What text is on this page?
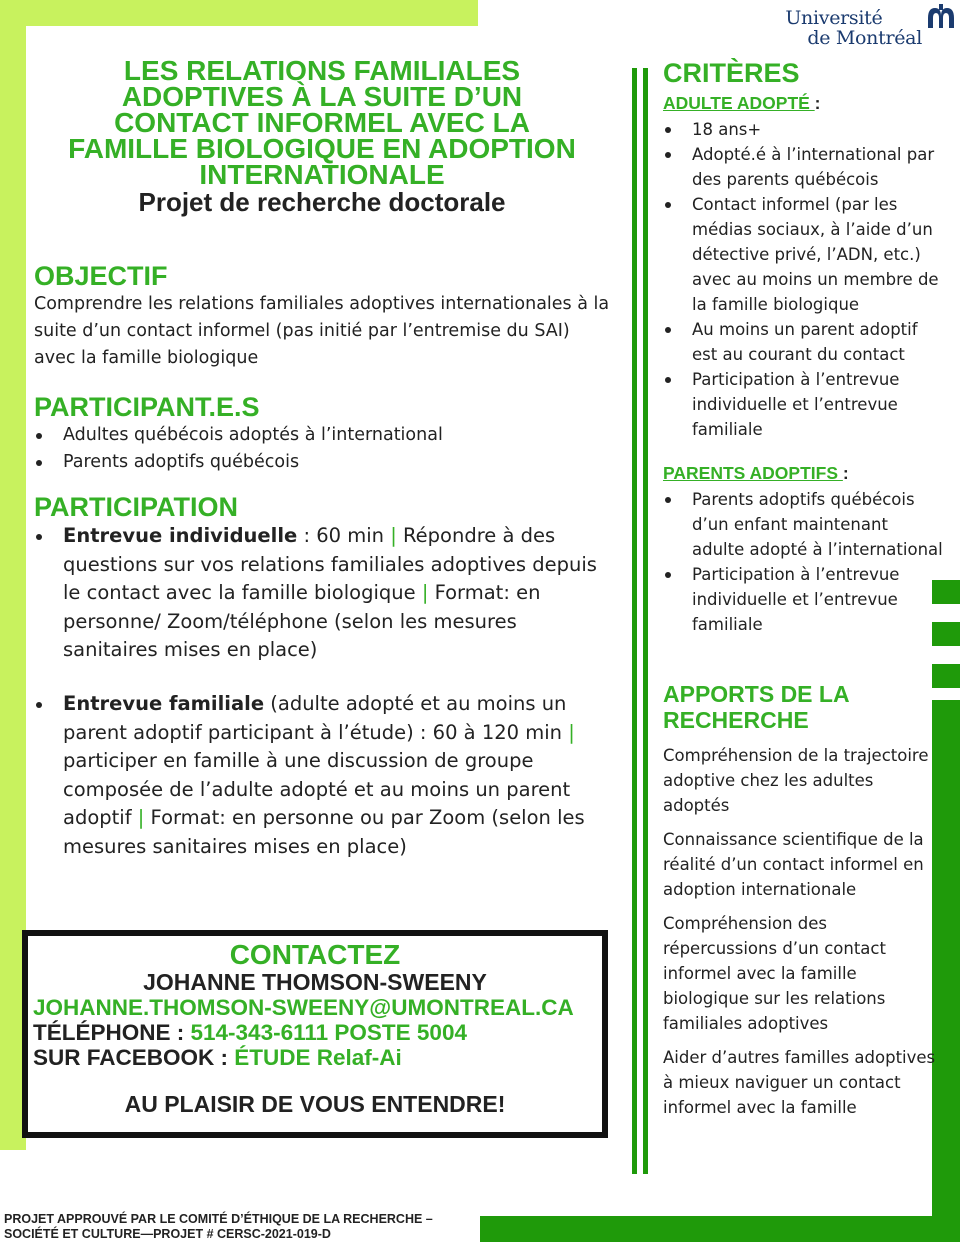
Université
de Montréal
LES RELATIONS FAMILIALES
ADOPTIVES À LA SUITE D’UN
CONTACT INFORMEL AVEC LA
FAMILLE BIOLOGIQUE EN ADOPTION
INTERNATIONALE
Projet de recherche doctorale
OBJECTIF
Comprendre les relations familiales adoptives internationales à la suite d’un contact informel (pas initié par l’entremise du SAI) avec la famille biologique
PARTICIPANT.E.S
Adultes québécois adoptés à l’international
Parents adoptifs québécois
PARTICIPATION
Entrevue individuelle : 60 min | Répondre à des questions sur vos relations familiales adoptives depuis le contact avec la famille biologique | Format: en personne/ Zoom/téléphone (selon les mesures sanitaires mises en place)
Entrevue familiale (adulte adopté et au moins un parent adoptif participant à l’étude) : 60 à 120 min | participer en famille à une discussion de groupe composée de l’adulte adopté et au moins un parent adoptif | Format: en personne ou par Zoom (selon les mesures sanitaires mises en place)
CONTACTEZ
JOHANNE THOMSON-SWEENY
JOHANNE.THOMSON-SWEENY@UMONTREAL.CA
TÉLÉPHONE : 514-343-6111 POSTE 5004
SUR FACEBOOK : ÉTUDE Relaf-Ai
AU PLAISIR DE VOUS ENTENDRE!
CRITÈRES
ADULTE ADOPTÉ :
18 ans+
Adopté.é à l’international par des parents québécois
Contact informel (par les médias sociaux, à l’aide d’un détective privé, l’ADN, etc.) avec au moins un membre de la famille biologique
Au moins un parent adoptif est au courant du contact
Participation à l’entrevue individuelle et l’entrevue familiale
PARENTS ADOPTIFS :
Parents adoptifs québécois d’un enfant maintenant adulte adopté à l’international
Participation à l’entrevue individuelle et l’entrevue familiale
APPORTS DE LA
RECHERCHE

Compréhension de la trajectoire adoptive chez les adultes adoptés

Connaissance scientifique de la réalité d’un contact informel en adoption internationale

Compréhension des répercussions d’un contact informel avec la famille biologique sur les relations familiales adoptives

Aider d’autres familles adoptives à mieux naviguer un contact informel avec la famille

PROJET APPROUVÉ PAR LE COMITÉ D’ÉTHIQUE DE LA RECHERCHE –
SOCIÉTÉ ET CULTURE—PROJET # CERSC-2021-019-D
